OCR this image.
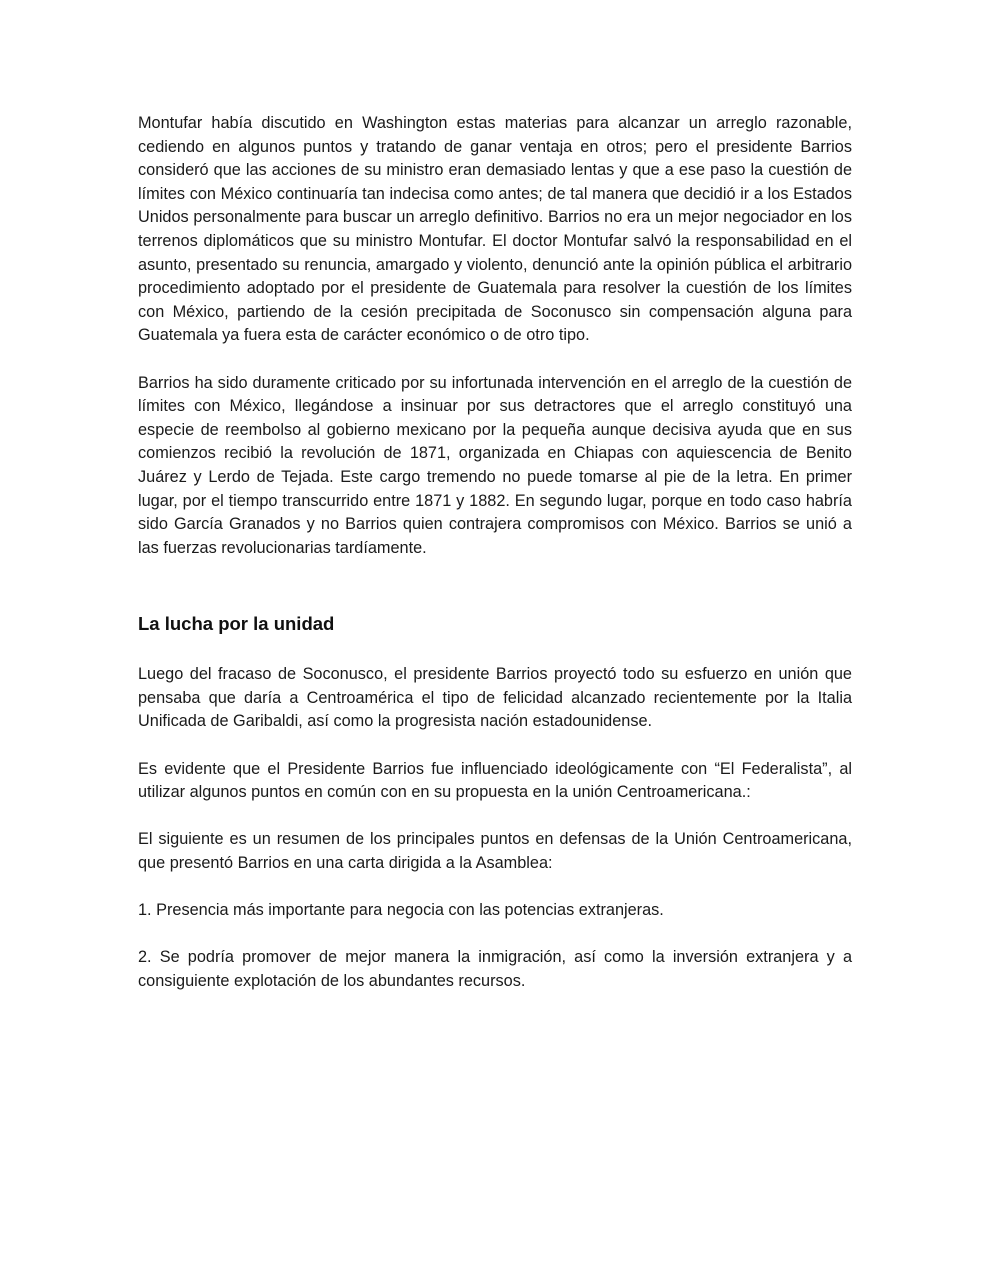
Montufar había discutido en Washington estas materias para alcanzar un arreglo razonable, cediendo en algunos puntos y tratando de ganar ventaja en otros; pero el presidente Barrios consideró que las acciones de su ministro eran demasiado lentas y que a ese paso la cuestión de límites con México continuaría tan indecisa como antes; de tal manera que decidió ir a los Estados Unidos personalmente para buscar un arreglo definitivo. Barrios no era un mejor negociador en los terrenos diplomáticos que su ministro Montufar. El doctor Montufar salvó la responsabilidad en el asunto, presentado su renuncia, amargado y violento, denunció ante la opinión pública el arbitrario procedimiento adoptado por el presidente de Guatemala para resolver la cuestión de los límites con México, partiendo de la cesión precipitada de Soconusco sin compensación alguna para Guatemala ya fuera esta de carácter económico o de otro tipo.

Barrios ha sido duramente criticado por su infortunada intervención en el arreglo de la cuestión de límites con México, llegándose a insinuar por sus detractores que el arreglo constituyó una especie de reembolso al gobierno mexicano por la pequeña aunque decisiva ayuda que en sus comienzos recibió la revolución de 1871, organizada en Chiapas con aquiescencia de Benito Juárez y Lerdo de Tejada. Este cargo tremendo no puede tomarse al pie de la letra. En primer lugar, por el tiempo transcurrido entre 1871 y 1882. En segundo lugar, porque en todo caso habría sido García Granados y no Barrios quien contrajera compromisos con México. Barrios se unió a las fuerzas revolucionarias tardíamente.

La lucha por la unidad

Luego del fracaso de Soconusco, el presidente Barrios proyectó todo su esfuerzo en unión que pensaba que daría a Centroamérica el tipo de felicidad alcanzado recientemente por la Italia Unificada de Garibaldi, así como la progresista nación estadounidense.

Es evidente que el Presidente Barrios fue influenciado ideológicamente con “El Federalista”, al utilizar algunos puntos en común con en su propuesta en la unión Centroamericana.:

El siguiente es un resumen de los principales puntos en defensas de la Unión Centroamericana, que presentó Barrios en una carta dirigida a la Asamblea:

1. Presencia más importante para negocia con las potencias extranjeras.

2. Se podría promover de mejor manera la inmigración, así como la inversión extranjera y a consiguiente explotación de los abundantes recursos.
